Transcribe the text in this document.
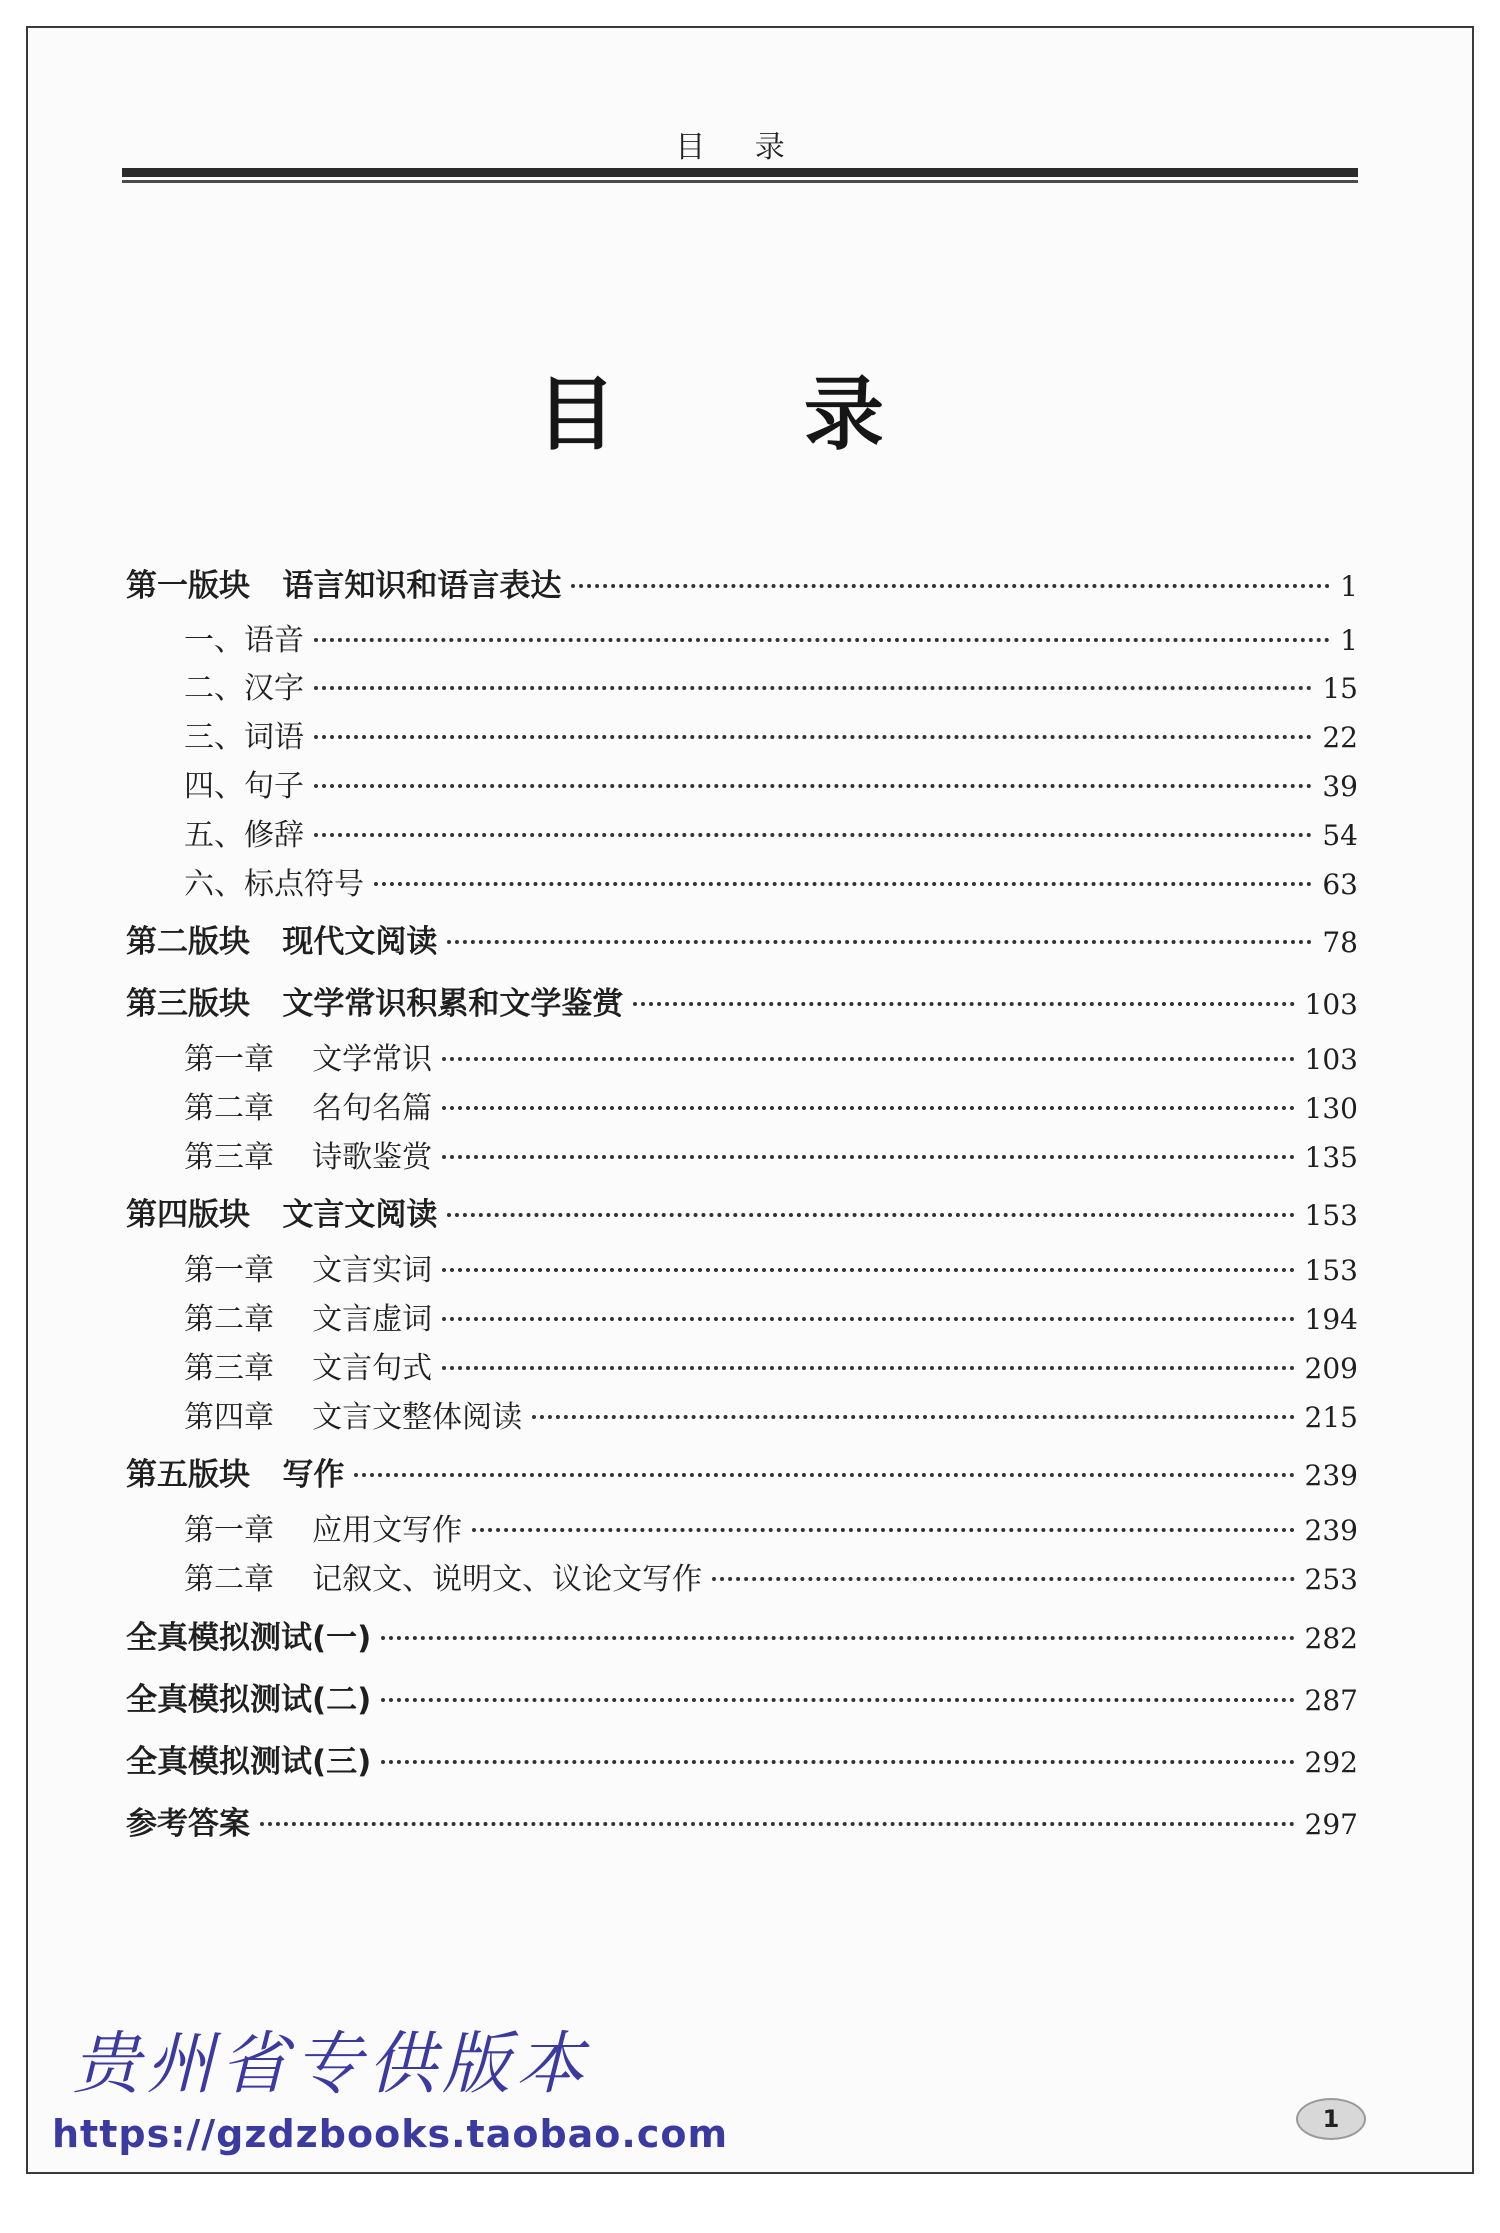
目 录
目 录
第一版块   语言知识和语言表达	1
一、语音	1
二、汉字	15
三、词语	22
四、句子	39
五、修辞	54
六、标点符号	63
第二版块   现代文阅读	78
第三版块   文学常识积累和文学鉴赏	103
第一章    文学常识	103
第二章    名句名篇	130
第三章    诗歌鉴赏	135
第四版块   文言文阅读	153
第一章    文言实词	153
第二章    文言虚词	194
第三章    文言句式	209
第四章    文言文整体阅读	215
第五版块   写作	239
第一章    应用文写作	239
第二章    记叙文、说明文、议论文写作	253
全真模拟测试(一)	282
全真模拟测试(二)	287
全真模拟测试(三)	292
参考答案	297
贵州省专供版本
https://gzdzbooks.taobao.com	1
